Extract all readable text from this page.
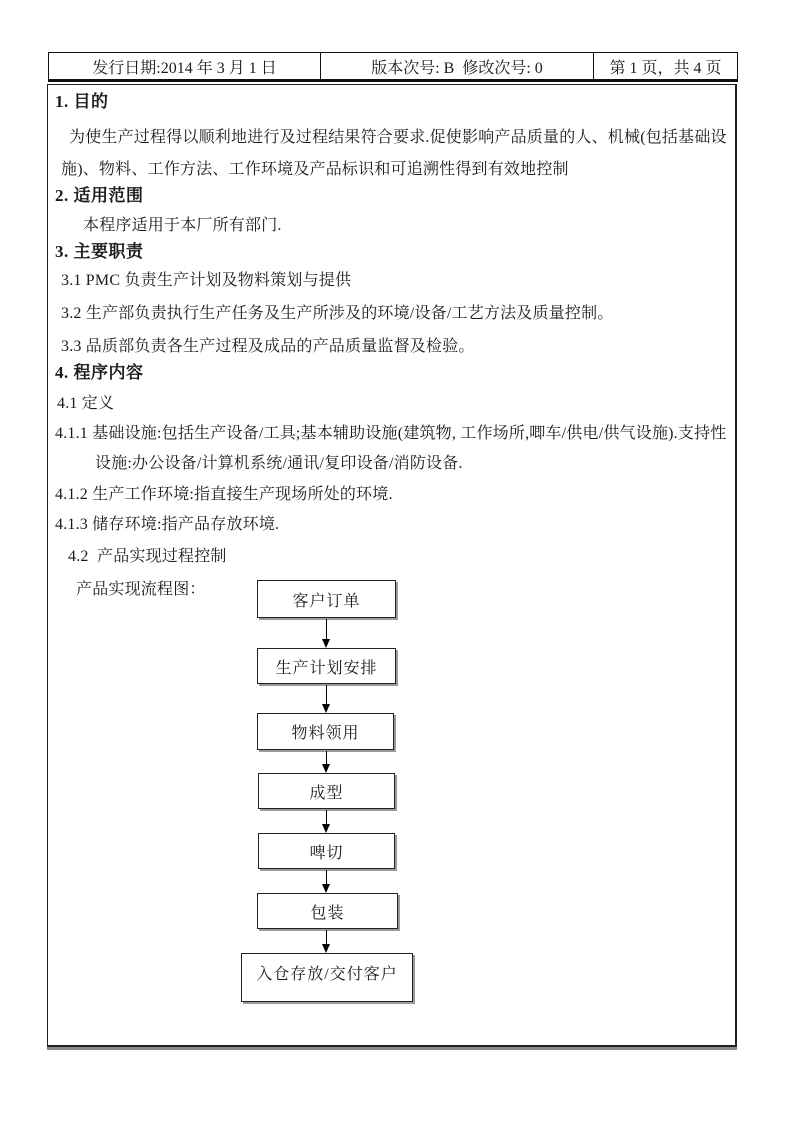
发行日期:2014 年 3 月 1 日	版本次号: B  修改次号: 0	第 1 页，共 4 页
1. 目的
为使生产过程得以顺利地进行及过程结果符合要求.促使影响产品质量的人、机械(包括基础设
施)、物料、工作方法、工作环境及产品标识和可追溯性得到有效地控制
2. 适用范围
本程序适用于本厂所有部门.
3. 主要职责
3.1 PMC 负责生产计划及物料策划与提供
3.2 生产部负责执行生产任务及生产所涉及的环境/设备/工艺方法及质量控制。
3.3 品质部负责各生产过程及成品的产品质量监督及检验。
4. 程序内容
4.1 定义
4.1.1 基础设施:包括生产设备/工具;基本辅助设施(建筑物, 工作场所,唧车/供电/供气设施).支持性
设施:办公设备/计算机系统/通讯/复印设备/消防设备.
4.1.2 生产工作环境:指直接生产现场所处的环境.
4.1.3 储存环境:指产品存放环境.
4.2  产品实现过程控制
产品实现流程图：
客户订单
生产计划安排
物料领用
成型
啤切
包装
入仓存放/交付客户
